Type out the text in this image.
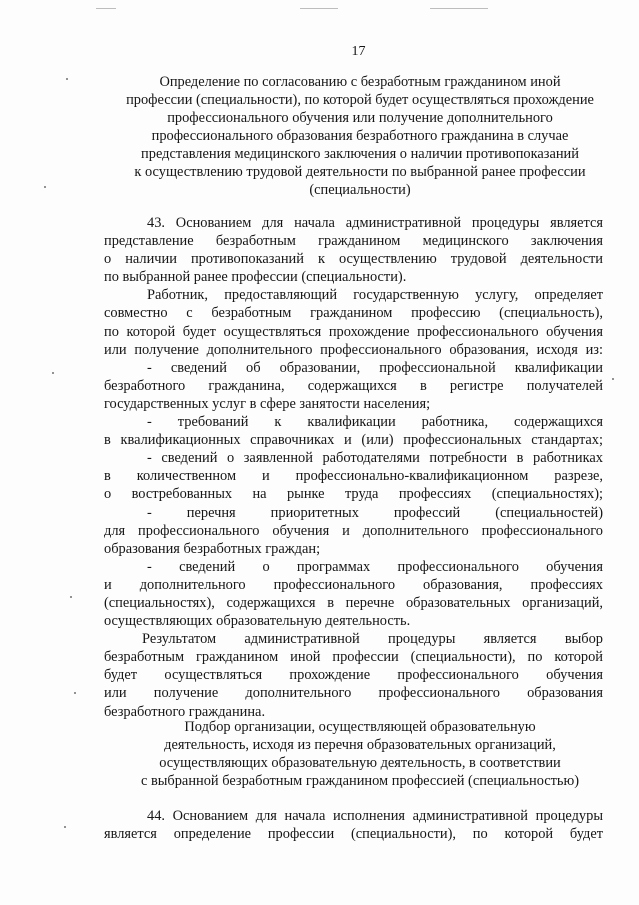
17
Определение по согласованию с безработным гражданином иной
профессии (специальности), по которой будет осуществляться прохождение
профессионального обучения или получение дополнительного
профессионального образования безработного гражданина в случае
представления медицинского заключения о наличии противопоказаний
к осуществлению трудовой деятельности по выбранной ранее профессии
(специальности)
43. Основанием для начала административной процедуры является
представление безработным гражданином медицинского заключения
о наличии противопоказаний к осуществлению трудовой деятельности
по выбранной ранее профессии (специальности).
Работник, предоставляющий государственную услугу, определяет
совместно с безработным гражданином профессию (специальность),
по которой будет осуществляться прохождение профессионального обучения
или получение дополнительного профессионального образования, исходя из:
- сведений об образовании, профессиональной квалификации
безработного гражданина, содержащихся в регистре получателей
государственных услуг в сфере занятости населения;
- требований к квалификации работника, содержащихся
в квалификационных справочниках и (или) профессиональных стандартах;
- сведений о заявленной работодателями потребности в работниках
в количественном и профессионально-квалификационном разрезе,
о востребованных на рынке труда профессиях (специальностях);
- перечня приоритетных профессий (специальностей)
для профессионального обучения и дополнительного профессионального
образования безработных граждан;
- сведений о программах профессионального обучения
и дополнительного профессионального образования, профессиях
(специальностях), содержащихся в перечне образовательных организаций,
осуществляющих образовательную деятельность.
Результатом административной процедуры является выбор
безработным гражданином иной профессии (специальности), по которой
будет осуществляться прохождение профессионального обучения
или получение дополнительного профессионального образования
безработного гражданина.
Подбор организации, осуществляющей образовательную
деятельность, исходя из перечня образовательных организаций,
осуществляющих образовательную деятельность, в соответствии
с выбранной безработным гражданином профессией (специальностью)
44. Основанием для начала исполнения административной процедуры
является определение профессии (специальности), по которой будет
